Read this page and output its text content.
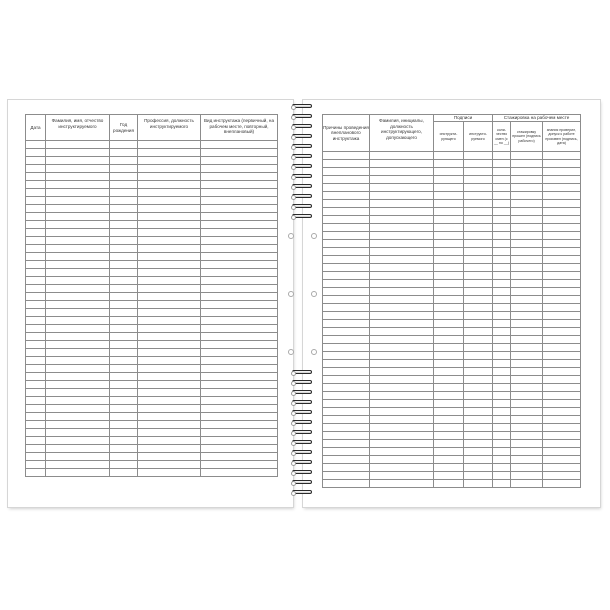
Дата	Фамилия, имя, отчество инструктируемого	Год рождения	Профессия, должность инструктируемого	Вид инструктажа (первичный, на рабочем месте, повторный, внеплановый)

Причины проведения внепланового инструктажа	Фамилия, инициалы, должность инструктирующего, допускающего	Подписи		Стажировка на рабочем месте		
		инструкти-рующего	инструкти-руемого	коли-чество смен (с __ по __)	стажировку прошел (подпись рабочего)	знания проверил, допуск к работе произвел (подпись, дата)
